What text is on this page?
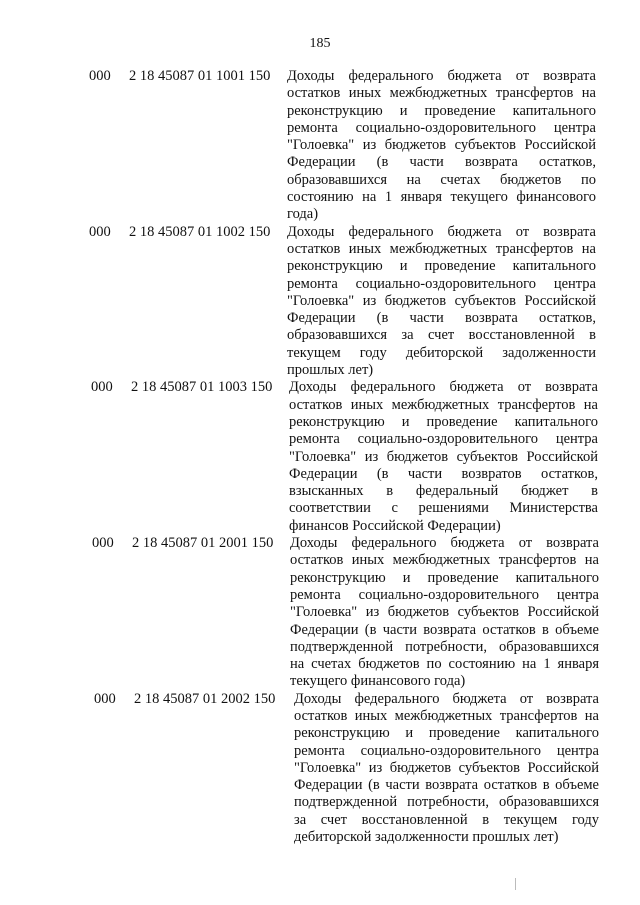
185
000	2 18 45087 01 1001 150	Доходы федерального бюджета от возврата остатков иных межбюджетных трансфертов на реконструкцию и проведение капитального ремонта социально-оздоровительного центра "Голоевка" из бюджетов субъектов Российской Федерации (в части возврата остатков, образовавшихся на счетах бюджетов по состоянию на 1 января текущего финансового года)
000	2 18 45087 01 1002 150	Доходы федерального бюджета от возврата остатков иных межбюджетных трансфертов на реконструкцию и проведение капитального ремонта социально-оздоровительного центра "Голоевка" из бюджетов субъектов Российской Федерации (в части возврата остатков, образовавшихся за счет восстановленной в текущем году дебиторской задолженности прошлых лет)
000	2 18 45087 01 1003 150	Доходы федерального бюджета от возврата остатков иных межбюджетных трансфертов на реконструкцию и проведение капитального ремонта социально-оздоровительного центра "Голоевка" из бюджетов субъектов Российской Федерации (в части возвратов остатков, взысканных в федеральный бюджет в соответствии с решениями Министерства финансов Российской Федерации)
000	2 18 45087 01 2001 150	Доходы федерального бюджета от возврата остатков иных межбюджетных трансфертов на реконструкцию и проведение капитального ремонта социально-оздоровительного центра "Голоевка" из бюджетов субъектов Российской Федерации (в части возврата остатков в объеме подтвержденной потребности, образовавшихся на счетах бюджетов по состоянию на 1 января текущего финансового года)
000	2 18 45087 01 2002 150	Доходы федерального бюджета от возврата остатков иных межбюджетных трансфертов на реконструкцию и проведение капитального ремонта социально-оздоровительного центра "Голоевка" из бюджетов субъектов Российской Федерации (в части возврата остатков в объеме подтвержденной потребности, образовавшихся за счет восстановленной в текущем году дебиторской задолженности прошлых лет)
